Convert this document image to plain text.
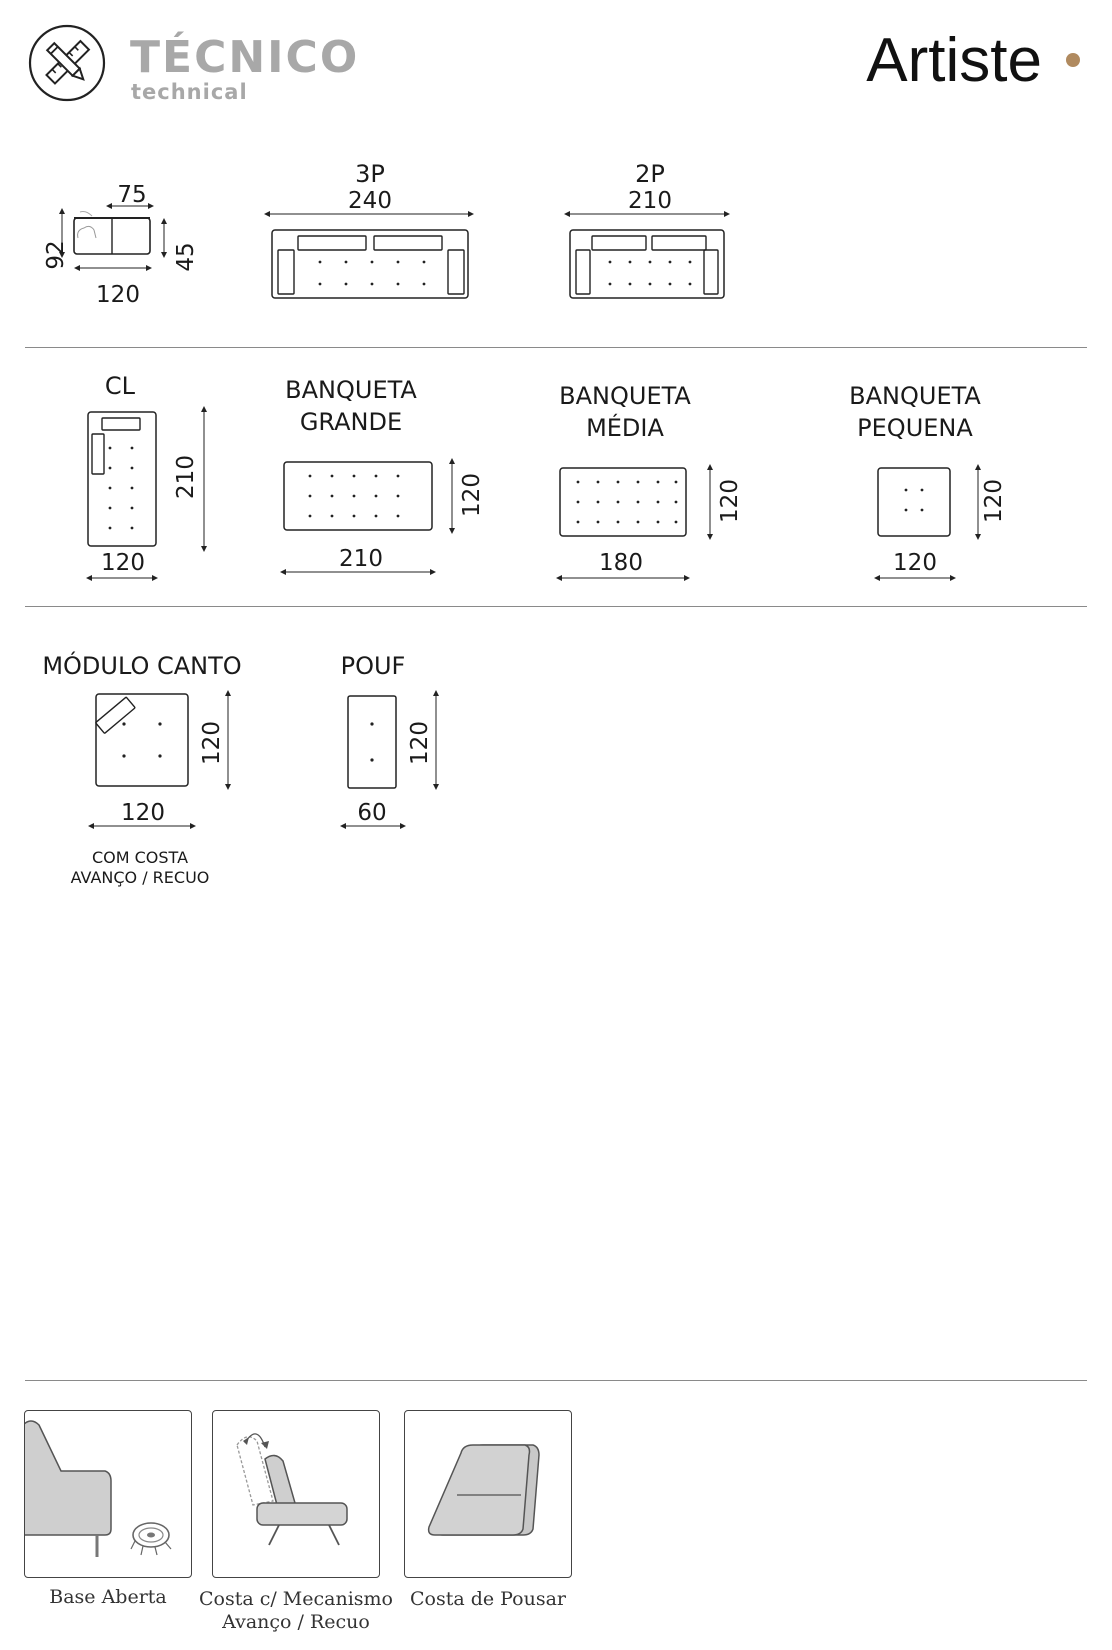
TÉCNICO
technical	Artiste
75
92	45
120
3P
240
2P
210
CL
210
120
BANQUETA
GRANDE
120
210
BANQUETA
MÉDIA
120
180
BANQUETA
PEQUENA
120
120
MÓDULO CANTO
120
120
COM COSTA
AVANÇO / RECUO
POUF
120
60
Base Aberta	Costa c/ Mecanismo
Avanço / Recuo
Costa de Pousar
